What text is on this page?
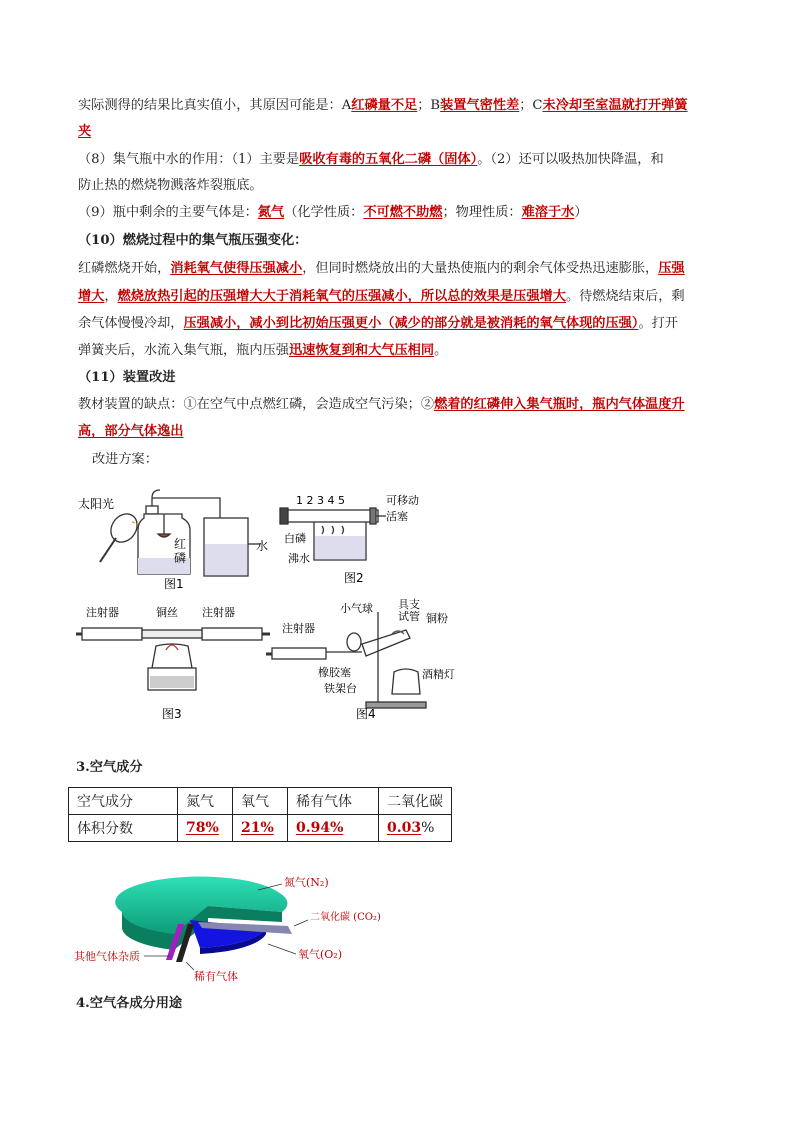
实际测得的结果比真实值小，其原因可能是：A红磷量不足；B装置气密性差；C未冷却至室温就打开弹簧
夹
（8）集气瓶中水的作用：（1）主要是吸收有毒的五氧化二磷（固体）。（2）还可以吸热加快降温，和
防止热的燃烧物溅落炸裂瓶底。
（9）瓶中剩余的主要气体是：氮气（化学性质：不可燃不助燃；物理性质：难溶于水）
（10）燃烧过程中的集气瓶压强变化：
红磷燃烧开始，消耗氧气使得压强减小，但同时燃烧放出的大量热使瓶内的剩余气体受热迅速膨胀，压强
增大，燃烧放热引起的压强增大大于消耗氧气的压强减小，所以总的效果是压强增大。待燃烧结束后，剩
余气体慢慢冷却，压强减小，减小到比初始压强更小（减少的部分就是被消耗的氧气体现的压强）。打开
弹簧夹后，水流入集气瓶，瓶内压强迅速恢复到和大气压相同。
（11）装置改进
教材装置的缺点：①在空气中点燃红磷，会造成空气污染；②燃着的红磷伸入集气瓶时，瓶内气体温度升
高，部分气体逸出
改进方案：
太阳光
红
磷
水
图1
1 2 3 4 5	可移动
活塞
白磷
沸水
图2
注射器	铜丝 注射器
图3
小气球 具支
试管 铜粉
注射器
橡胶塞
铁架台
酒精灯
图4
3.空气成分
空气成分	氮气	氧气	稀有气体	二氧化碳
体积分数	78%	21%	0.94%	0.03%
氮气(N₂)
二氧化碳 (CO₂)
氧气(O₂)
稀有气体
其他气体杂质
4.空气各成分用途
